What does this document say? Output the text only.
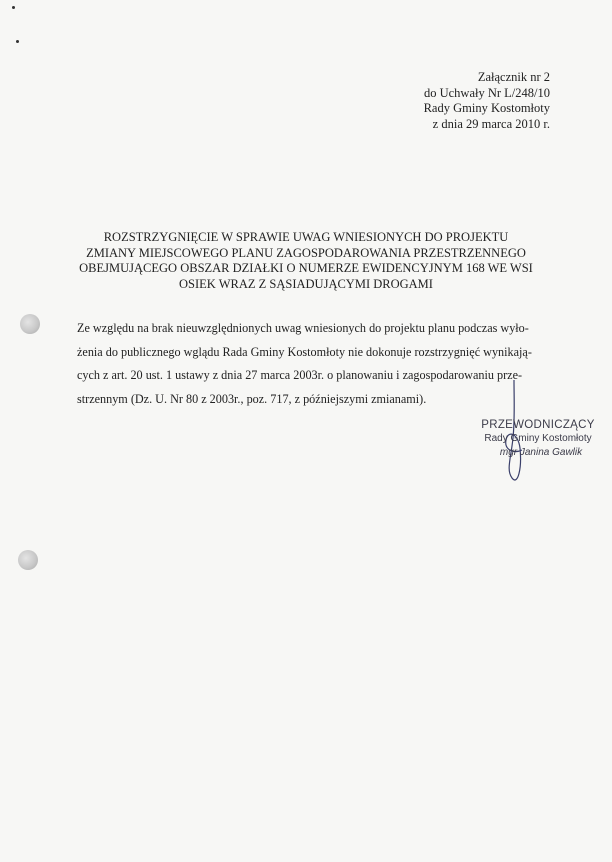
Załącznik nr 2
do Uchwały Nr L/248/10
Rady Gminy Kostomłoty
z dnia 29 marca 2010 r.
ROZSTRZYGNIĘCIE W SPRAWIE UWAG WNIESIONYCH DO PROJEKTU
ZMIANY MIEJSCOWEGO PLANU ZAGOSPODAROWANIA PRZESTRZENNEGO
OBEJMUJĄCEGO OBSZAR DZIAŁKI O NUMERZE EWIDENCYJNYM 168 WE WSI
OSIEK WRAZ Z SĄSIADUJĄCYMI DROGAMI
Ze względu na brak nieuwzględnionych uwag wniesionych do projektu planu podczas wyło-
żenia do publicznego wglądu Rada Gminy Kostomłoty nie dokonuje rozstrzygnięć wynikają-
cych z art. 20 ust. 1 ustawy z dnia 27 marca 2003r. o planowaniu i zagospodarowaniu prze-
strzennym (Dz. U. Nr 80 z 2003r., poz. 717, z późniejszymi zmianami).
PRZEWODNICZĄCY
Rady Gminy Kostomłoty
mgr Janina Gawlik
